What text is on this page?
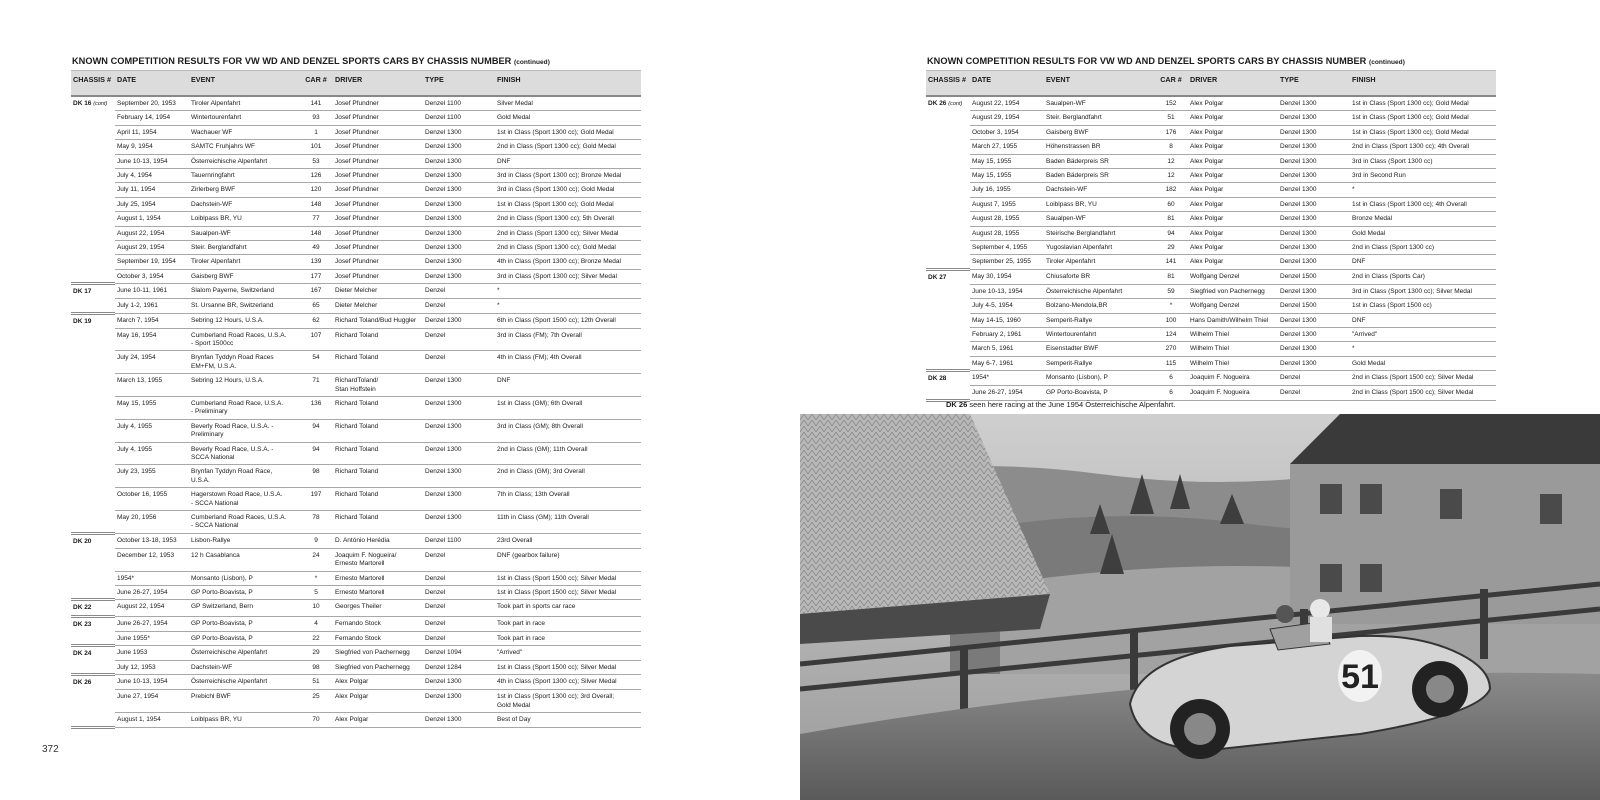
KNOWN COMPETITION RESULTS FOR VW WD AND DENZEL SPORTS CARS BY CHASSIS NUMBER (continued)
CHASSIS #	DATE	EVENT	CAR #	DRIVER	TYPE	FINISH
DK 16 (cont)	September 20, 1953	Tiroler Alpenfahrt	141	Josef Pfundner	Denzel 1100	Silver Medal
	February 14, 1954	Wintertourenfahrt	93	Josef Pfundner	Denzel 1100	Gold Medal
	April 11, 1954	Wachauer WF	1	Josef Pfundner	Denzel 1300	1st in Class (Sport 1300 cc); Gold Medal
	May 9, 1954	SAMTC Fruhjahrs WF	101	Josef Pfundner	Denzel 1300	2nd in Class (Sport 1300 cc); Gold Medal
	June 10-13, 1954	Österreichische Alpenfahrt	53	Josef Pfundner	Denzel 1300	DNF
	July 4, 1954	Tauernringfahrt	126	Josef Pfundner	Denzel 1300	3rd in Class (Sport 1300 cc); Bronze Medal
	July 11, 1954	Zirlerberg BWF	120	Josef Pfundner	Denzel 1300	3rd in Class (Sport 1300 cc); Gold Medal
	July 25, 1954	Dachstein-WF	148	Josef Pfundner	Denzel 1300	1st in Class (Sport 1300 cc); Gold Medal
	August 1, 1954	Loiblpass BR, YU	77	Josef Pfundner	Denzel 1300	2nd in Class (Sport 1300 cc); 5th Overall
	August 22, 1954	Saualpen-WF	148	Josef Pfundner	Denzel 1300	2nd in Class (Sport 1300 cc); Silver Medal
	August 29, 1954	Steir. Berglandfahrt	49	Josef Pfundner	Denzel 1300	2nd in Class (Sport 1300 cc); Gold Medal
	September 19, 1954	Tiroler Alpenfahrt	139	Josef Pfundner	Denzel 1300	4th in Class (Sport 1300 cc); Bronze Medal
	October 3, 1954	Gaisberg BWF	177	Josef Pfundner	Denzel 1300	3rd in Class (Sport 1300 cc); Silver Medal
DK 17	June 10-11, 1961	Slalom Payerne, Switzerland	167	Dieter Melcher	Denzel	*
	July 1-2, 1961	St. Ursanne BR, Switzerland	65	Dieter Melcher	Denzel	*
DK 19	March 7, 1954	Sebring 12 Hours, U.S.A.	62	Richard Toland/Bud Huggler	Denzel 1300	6th in Class (Sport 1500 cc); 12th Overall
	May 16, 1954	Cumberland Road Races, U.S.A.
- Sport 1500cc	107	Richard Toland	Denzel	3rd in Class (FM); 7th Overall
	July 24, 1954	Brynfan Tyddyn Road Races
EM+FM, U.S.A.	54	Richard Toland	Denzel	4th in Class (FM); 4th Overall
	March 13, 1955	Sebring 12 Hours, U.S.A.	71	RichardToland/
Stan Hoffstein	Denzel 1300	DNF
	May 15, 1955	Cumberland Road Race, U.S.A.
- Preliminary	136	Richard Toland	Denzel 1300	1st in Class (GM); 6th Overall
	July 4, 1955	Beverly Road Race, U.S.A. -
Preliminary	94	Richard Toland	Denzel 1300	3rd in Class (GM); 8th Overall
	July 4, 1955	Beverly Road Race, U.S.A. -
SCCA National	94	Richard Toland	Denzel 1300	2nd in Class (GM); 11th Overall
	July 23, 1955	Brynfan Tyddyn Road Race,
U.S.A.	98	Richard Toland	Denzel 1300	2nd in Class (GM); 3rd Overall
	October 16, 1955	Hagerstown Road Race, U.S.A.
- SCCA National	197	Richard Toland	Denzel 1300	7th in Class; 13th Overall
	May 20, 1956	Cumberland Road Races, U.S.A.
- SCCA National	78	Richard Toland	Denzel 1300	11th in Class (GM); 11th Overall
DK 20	October 13-18, 1953	Lisbon-Rallye	9	D. António Herédia	Denzel 1100	23rd Overall
	December 12, 1953	12 h Casablanca	24	Joaquim F. Nogueira/
Ernesto Martorell	Denzel	DNF (gearbox failure)
	1954*	Monsanto (Lisbon), P	*	Ernesto Martorell	Denzel	1st in Class (Sport 1500 cc); Silver Medal
	June 26-27, 1954	GP Porto-Boavista, P	5	Ernesto Martorell	Denzel	1st in Class (Sport 1500 cc); Silver Medal
DK 22	August 22, 1954	GP Switzerland, Bern	10	Georges Theiler	Denzel	Took part in sports car race
DK 23	June 26-27, 1954	GP Porto-Boavista, P	4	Fernando Stock	Denzel	Took part in race
	June 1955*	GP Porto-Boavista, P	22	Fernando Stock	Denzel	Took part in race
DK 24	June 1953	Österreichische Alpenfahrt	29	Siegfried von Pachernegg	Denzel 1094	"Arrived"
	July 12, 1953	Dachstein-WF	98	Siegfried von Pachernegg	Denzel 1284	1st in Class (Sport 1500 cc); Silver Medal
DK 26	June 10-13, 1954	Österreichische Alpenfahrt	51	Alex Polgar	Denzel 1300	4th in Class (Sport 1300 cc); Silver Medal
	June 27, 1954	Prebichl BWF	25	Alex Polgar	Denzel 1300	1st in Class (Sport 1300 cc); 3rd Overall;
Gold Medal
	August 1, 1954	Loiblpass BR, YU	70	Alex Polgar	Denzel 1300	Best of Day
372
KNOWN COMPETITION RESULTS FOR VW WD AND DENZEL SPORTS CARS BY CHASSIS NUMBER (continued)
CHASSIS #	DATE	EVENT	CAR #	DRIVER	TYPE	FINISH
DK 26 (cont)	August 22, 1954	Saualpen-WF	152	Alex Polgar	Denzel 1300	1st in Class (Sport 1300 cc); Gold Medal
	August 29, 1954	Steir. Berglandfahrt	51	Alex Polgar	Denzel 1300	1st in Class (Sport 1300 cc); Gold Medal
	October 3, 1954	Gaisberg BWF	176	Alex Polgar	Denzel 1300	1st in Class (Sport 1300 cc); Gold Medal
	March 27, 1955	Höhenstrassen BR	8	Alex Polgar	Denzel 1300	2nd in Class (Sport 1300 cc); 4th Overall
	May 15, 1955	Baden Bäderpreis SR	12	Alex Polgar	Denzel 1300	3rd in Class (Sport 1300 cc)
	May 15, 1955	Baden Bäderpreis SR	12	Alex Polgar	Denzel 1300	3rd in Second Run
	July 16, 1955	Dachstein-WF	182	Alex Polgar	Denzel 1300	*
	August 7, 1955	Loiblpass BR, YU	60	Alex Polgar	Denzel 1300	1st in Class (Sport 1300 cc); 4th Overall
	August 28, 1955	Saualpen-WF	81	Alex Polgar	Denzel 1300	Bronze Medal
	August 28, 1955	Steirische Berglandfahrt	94	Alex Polgar	Denzel 1300	Gold Medal
	September 4, 1955	Yugoslavian Alpenfahrt	29	Alex Polgar	Denzel 1300	2nd in Class (Sport 1300 cc)
	September 25, 1955	Tiroler Alpenfahrt	141	Alex Polgar	Denzel 1300	DNF
DK 27	May 30, 1954	Chiusaforte BR	81	Wolfgang Denzel	Denzel 1500	2nd in Class (Sports Car)
	June 10-13, 1954	Österreichische Alpenfahrt	59	Siegfried von Pachernegg	Denzel 1300	3rd in Class (Sport 1300 cc); Silver Medal
	July 4-5, 1954	Bolzano-Mendola,BR	*	Wolfgang Denzel	Denzel 1500	1st in Class (Sport 1500 cc)
	May 14-15, 1960	Semperit-Rallye	100	Hans Damith/Wilhelm Thiel	Denzel 1300	DNF
	February 2, 1961	Wintertourenfahrt	124	Wilhelm Thiel	Denzel 1300	"Arrived"
	March 5, 1961	Eisenstadter BWF	270	Wilhelm Thiel	Denzel 1300	*
	May 6-7, 1961	Semperit-Rallye	115	Wilhelm Thiel	Denzel 1300	Gold Medal
DK 28	1954*	Monsanto (Lisbon), P	6	Joaquim F. Nogueira	Denzel	2nd in Class (Sport 1500 cc); Silver Medal
	June 26-27, 1954	GP Porto-Boavista, P	6	Joaquim F. Nogueira	Denzel	2nd in Class (Sport 1500 cc); Silver Medal
DK 26 seen here racing at the June 1954 Österreichische Alpenfahrt.
51
